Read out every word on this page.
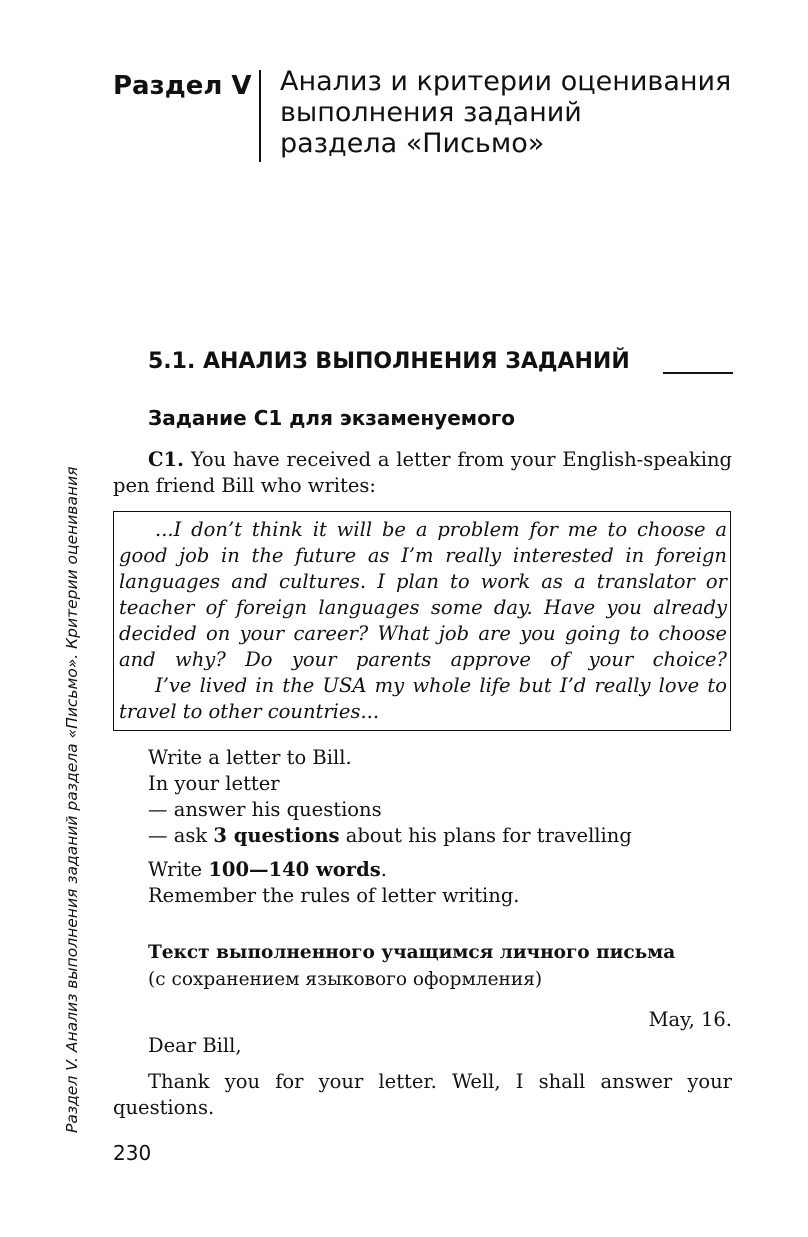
Раздел V Анализ и критерии оценивания
выполнения заданий
раздела «Письмо»
Раздел V. Анализ выполнения заданий раздела «Письмо». Критерии оценивания
5.1. АНАЛИЗ ВЫПОЛНЕНИЯ ЗАДАНИЙ
Задание С1 для экзаменуемого
C1. You have received a letter from your English-speaking pen friend Bill who writes:

...I don’t think it will be a problem for me to choose a good job in the future as I’m really interested in foreign languages and cultures. I plan to work as a translator or teacher of foreign languages some day. Have you already decided on your career? What job are you going to choose and why? Do your parents approve of your choice?

I’ve lived in the USA my whole life but I’d really love to travel to other countries...

Write a letter to Bill.
In your letter
— answer his questions
— ask 3 questions about his plans for travelling
Write 100—140 words.
Remember the rules of letter writing.
Текст выполненного учащимся личного письма
(с сохранением языкового оформления)
May, 16.
Dear Bill,
Thank you for your letter. Well, I shall answer your questions.
230
